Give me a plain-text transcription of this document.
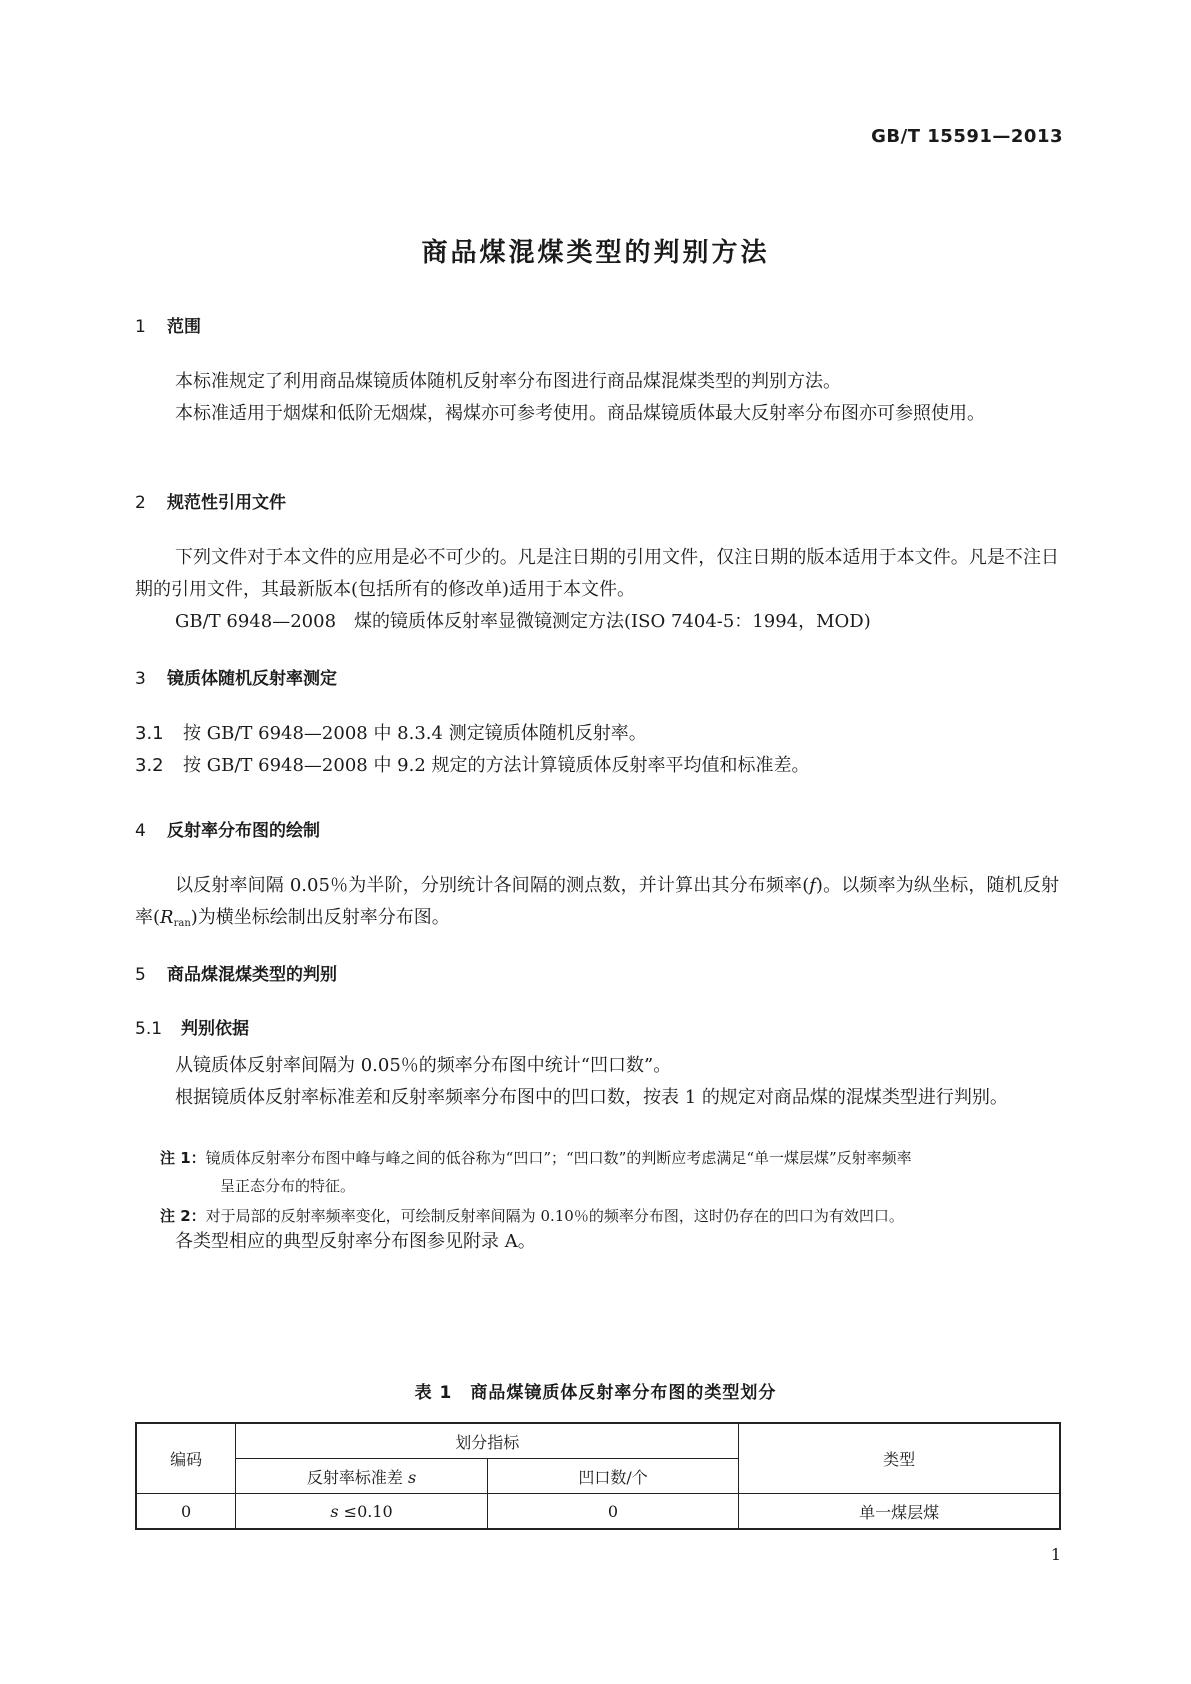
GB/T 15591—2013
商品煤混煤类型的判别方法
1 范围
本标准规定了利用商品煤镜质体随机反射率分布图进行商品煤混煤类型的判别方法。
本标准适用于烟煤和低阶无烟煤，褐煤亦可参考使用。商品煤镜质体最大反射率分布图亦可参照使用。
2 规范性引用文件
下列文件对于本文件的应用是必不可少的。凡是注日期的引用文件，仅注日期的版本适用于本文件。凡是不注日期的引用文件，其最新版本(包括所有的修改单)适用于本文件。
GB/T 6948—2008　煤的镜质体反射率显微镜测定方法(ISO 7404-5：1994，MOD)
3 镜质体随机反射率测定
3.1 按 GB/T 6948—2008 中 8.3.4 测定镜质体随机反射率。
3.2 按 GB/T 6948—2008 中 9.2 规定的方法计算镜质体反射率平均值和标准差。
4 反射率分布图的绘制
以反射率间隔 0.05％为半阶，分别统计各间隔的测点数，并计算出其分布频率(f)。以频率为纵坐标，随机反射率$(R_{ran})$为横坐标绘制出反射率分布图。
5 商品煤混煤类型的判别
5.1 判别依据
从镜质体反射率间隔为 0.05％的频率分布图中统计“凹口数”。
根据镜质体反射率标准差和反射率频率分布图中的凹口数，按表 1 的规定对商品煤的混煤类型进行判别。
注 1：镜质体反射率分布图中峰与峰之间的低谷称为“凹口”；“凹口数”的判断应考虑满足“单一煤层煤”反射率频率
呈正态分布的特征。
注 2：对于局部的反射率频率变化，可绘制反射率间隔为 0.10％的频率分布图，这时仍存在的凹口为有效凹口。
各类型相应的典型反射率分布图参见附录 A。
表 1　商品煤镜质体反射率分布图的类型划分
编码	划分指标		类型
	反射率标准差 s	凹口数/个	
0	s ≤0.10	0	单一煤层煤
1
